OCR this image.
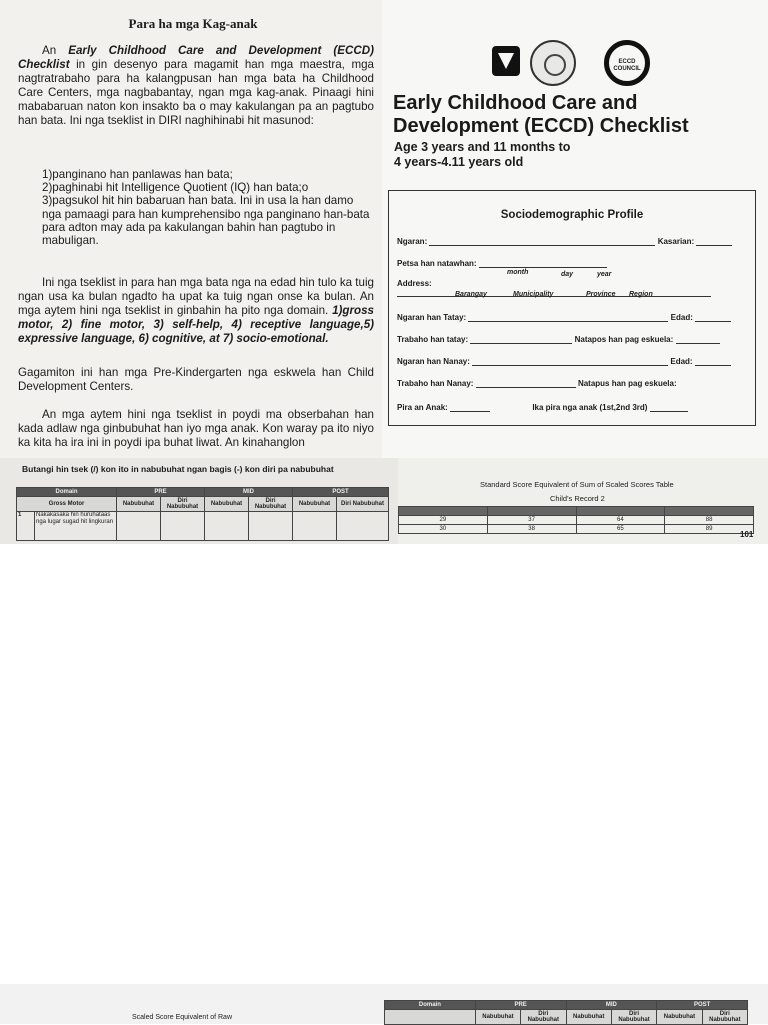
Para ha mga Kag-anak

An Early Childhood Care and Development (ECCD) Checklist in gin desenyo para magamit han mga maestra, mga nagtratrabaho para ha kalangpusan han mga bata ha Childhood Care Centers, mga nagbabantay, ngan mga kag-anak. Pinaagi hini mababaruan naton kon insakto ba o may kakulangan pa an pagtubo han bata. Ini nga tseklist in DIRI naghihinabi hit masunod:

1)panginano han panlawas han bata;
2)paghinabi hit Intelligence Quotient (IQ) han bata;o
3)pagsukol hit hin babaruan han bata. Ini in usa la han damo nga pamaagi para han kumprehensibo nga panginano han-bata para adton may ada pa kakulangan bahin han pagtubo in mabuligan.

Ini nga tseklist in para han mga bata nga na edad hin tulo ka tuig ngan usa ka bulan ngadto ha upat ka tuig ngan onse ka bulan. An mga aytem hini nga tseklist in ginbahin ha pito nga domain. 1)gross motor, 2) fine motor, 3) self-help, 4) receptive language,5) expressive language, 6) cognitive, at 7) socio-emotional.

Gagamiton ini han mga Pre-Kindergarten nga eskwela han Child Development Centers.

An mga aytem hini nga tseklist in poydi ma obserbahan han kada adlaw nga ginbubuhat han iyo mga anak. Kon waray pa ito niyo ka kita ha ira ini in poydi ipa buhat liwat. An kinahanglon

ECCD COUNCIL
Early Childhood Care and Development (ECCD) Checklist
Age 3 years and 11 months to
4 years-4.11 years old
Sociodemographic Profile
Ngaran:	Kasarian:
Petsa han natawhan:
month	day	year
Address:
Barangay	Municipality	Province Region
Ngaran han Tatay:	Edad:
Trabaho han tatay:	Natapos han pag eskuela:
Ngaran han Nanay:	Edad:
Trabaho han Nanay:	Natapus han pag eskuela:
Pira an Anak:	Ika pira nga anak (1st,2nd 3rd)
Butangi hin tsek (/) kon ito in nabubuhat ngan bagis (-) kon diri pa nabubuhat
Domain		PRE		MID		POST	
Gross Motor		Nabubuhat	Diri Nabubuhat	Nabubuhat	Diri Nabubuhat	Nabubuhat	Diri Nabubuhat
1	Nakakasaka hin huruhataas nga lugar sugad hit lingkuran						
Standard Score Equivalent of Sum of Scaled Scores Table
Child's Record 2

29	37	64	88
30	38	65	89
101
Scaled Score Equivalent of Raw
Domain	PRE		MID		POST	
	Nabubuhat	Diri Nabubuhat	Nabubuhat	Diri Nabubuhat	Nabubuhat	Diri Nabubuhat
